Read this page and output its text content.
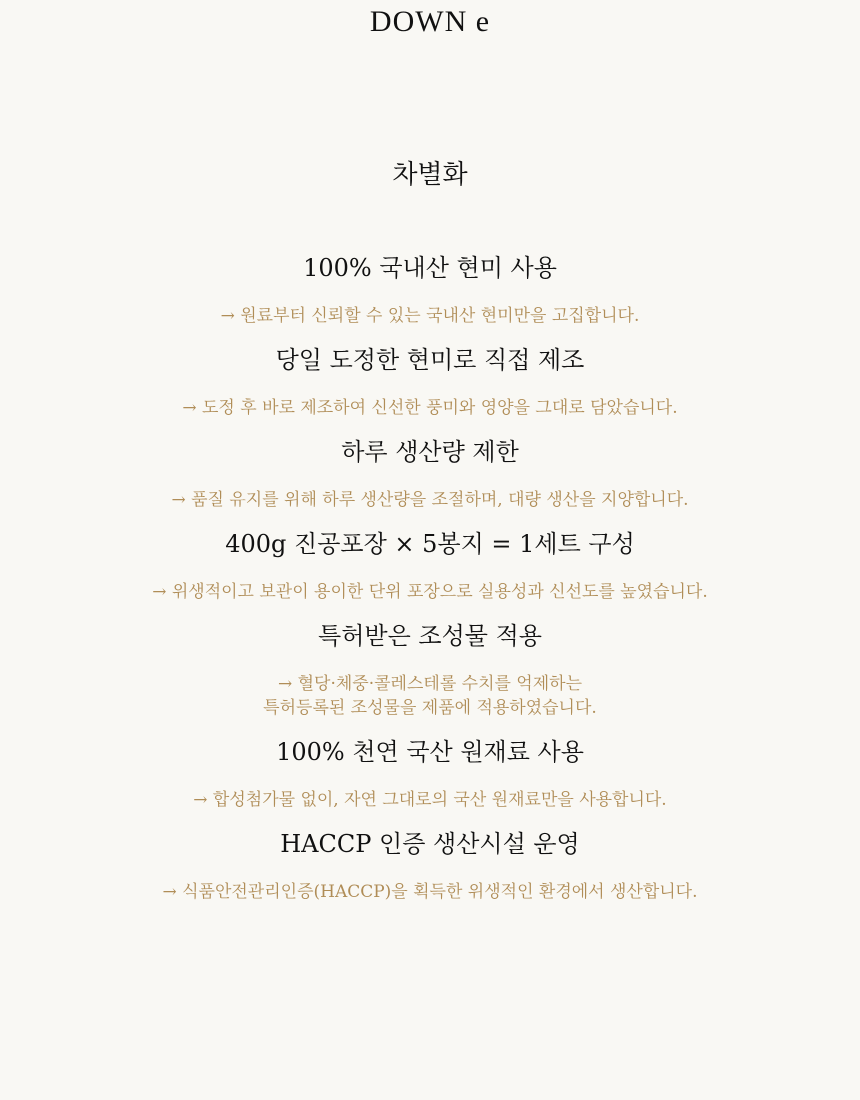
DOWN e
차별화
100% 국내산 현미 사용
→ 원료부터 신뢰할 수 있는 국내산 현미만을 고집합니다.
당일 도정한 현미로 직접 제조
→ 도정 후 바로 제조하여 신선한 풍미와 영양을 그대로 담았습니다.
하루 생산량 제한
→ 품질 유지를 위해 하루 생산량을 조절하며, 대량 생산을 지양합니다.
400g 진공포장 × 5봉지 = 1세트 구성
→ 위생적이고 보관이 용이한 단위 포장으로 실용성과 신선도를 높였습니다.
특허받은 조성물 적용
→ 혈당·체중·콜레스테롤 수치를 억제하는
특허등록된 조성물을 제품에 적용하였습니다.
100% 천연 국산 원재료 사용
→ 합성첨가물 없이, 자연 그대로의 국산 원재료만을 사용합니다.
HACCP 인증 생산시설 운영
→ 식품안전관리인증(HACCP)을 획득한 위생적인 환경에서 생산합니다.
